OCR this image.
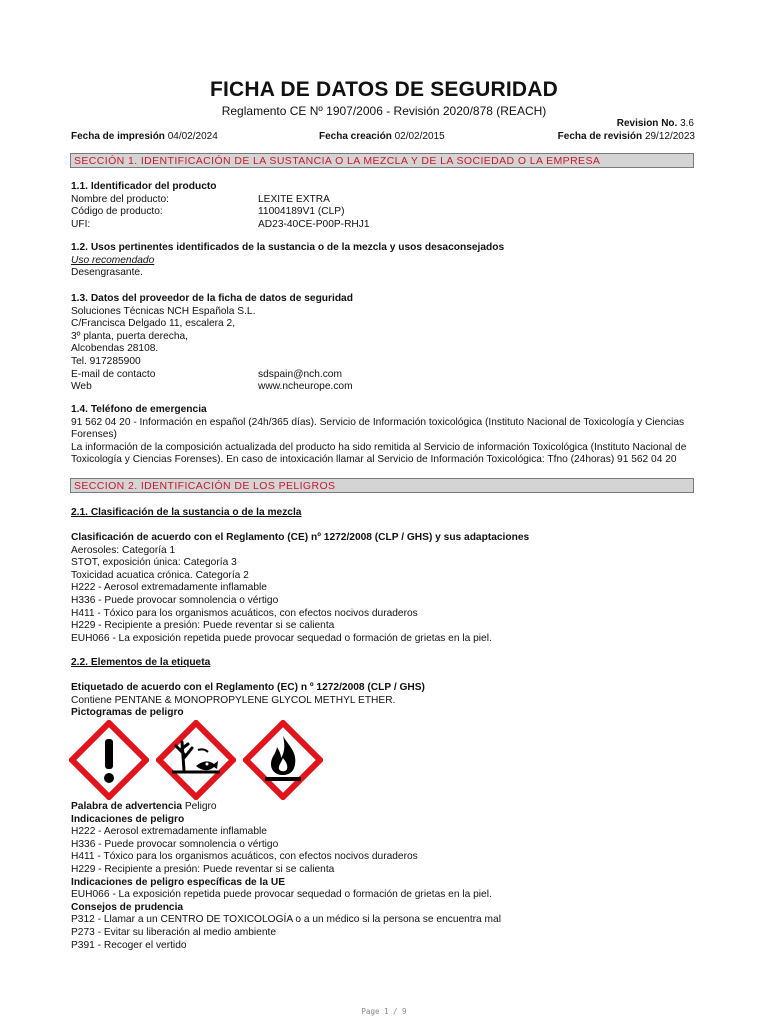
FICHA DE DATOS DE SEGURIDAD
Reglamento CE Nº 1907/2006 - Revisión 2020/878 (REACH)
Revision No. 3.6
Fecha de impresión 04/02/2024	Fecha creación 02/02/2015	Fecha de revisión 29/12/2023
SECCIÓN 1. IDENTIFICACIÓN DE LA SUSTANCIA O LA MEZCLA Y DE LA SOCIEDAD O LA EMPRESA
1.1. Identificador del producto
Nombre del producto:	LEXITE EXTRA
Código de producto:	11004189V1 (CLP)
UFI:	AD23-40CE-P00P-RHJ1
1.2. Usos pertinentes identificados de la sustancia o de la mezcla y usos desaconsejados
Uso recomendado
Desengrasante.
1.3. Datos del proveedor de la ficha de datos de seguridad
Soluciones Técnicas NCH Española S.L.
C/Francisca Delgado 11, escalera 2,
3º planta, puerta derecha,
Alcobendas 28108.
Tel. 917285900
E-mail de contacto	sdspain@nch.com
Web	www.ncheurope.com
1.4. Teléfono de emergencia
91 562 04 20 - Información en español (24h/365 días). Servicio de Información toxicológica (Instituto Nacional de Toxicología y Ciencias Forenses)
La información de la composición actualizada del producto ha sido remitida al Servicio de información Toxicológica (Instituto Nacional de Toxicología y Ciencias Forenses). En caso de intoxicación llamar al Servicio de Información Toxicológica: Tfno (24horas) 91 562 04 20
SECCION 2. IDENTIFICACIÓN DE LOS PELIGROS
2.1. Clasificación de la sustancia o de la mezcla
Clasificación de acuerdo con el Reglamento (CE) nº 1272/2008 (CLP / GHS) y sus adaptaciones
Aerosoles: Categoría 1
STOT, exposición única: Categoría 3
Toxicidad acuatica crónica. Categoría 2
H222 - Aerosol extremadamente inflamable
H336 - Puede provocar somnolencia o vértigo
H411 - Tóxico para los organismos acuáticos, con efectos nocivos duraderos
H229 - Recipiente a presión: Puede reventar si se calienta
EUH066 - La exposición repetida puede provocar sequedad o formación de grietas en la piel.
2.2. Elementos de la etiqueta
Etiquetado de acuerdo con el Reglamento (EC) n º 1272/2008 (CLP / GHS)
Contiene PENTANE & MONOPROPYLENE GLYCOL METHYL ETHER.
Pictogramas de peligro
Palabra de advertencia Peligro
Indicaciones de peligro
H222 - Aerosol extremadamente inflamable
H336 - Puede provocar somnolencia o vértigo
H411 - Tóxico para los organismos acuáticos, con efectos nocivos duraderos
H229 - Recipiente a presión: Puede reventar si se calienta
Indicaciones de peligro específicas de la UE
EUH066 - La exposición repetida puede provocar sequedad o formación de grietas en la piel.
Consejos de prudencia
P312 - Llamar a un CENTRO DE TOXICOLOGÍA o a un médico si la persona se encuentra mal
P273 - Evitar su liberación al medio ambiente
P391 - Recoger el vertido
Page 1 / 9
